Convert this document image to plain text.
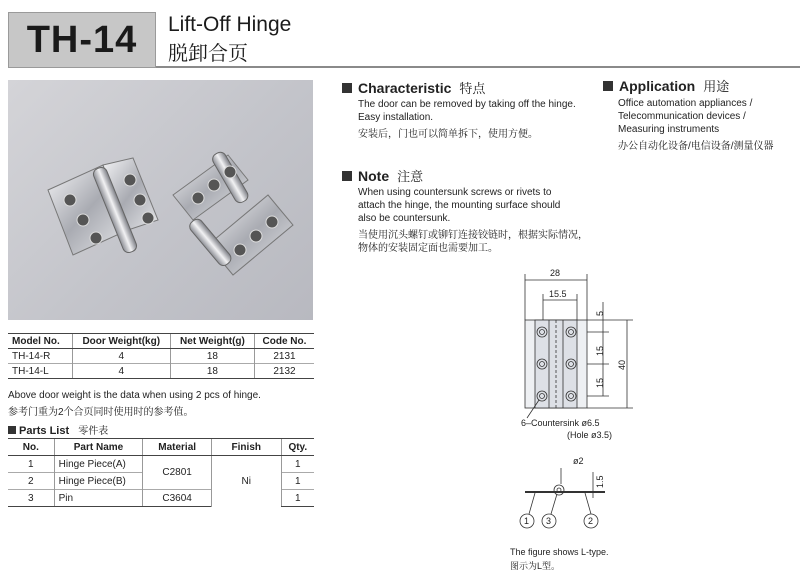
TH-14 Lift-Off Hinge
脱卸合页
Model No.	Door Weight(kg)	Net Weight(g)	Code No.
TH-14-R	4	18	2131
TH-14-L	4	18	2132
Above door weight is the data when using 2 pcs of hinge.
参考门重为2个合页同时使用时的参考值。
Parts List 零件表
No.	Part Name	Material	Finish	Qty.
1	Hinge Piece(A)	C2801	Ni	1
2	Hinge Piece(B)			1
3	Pin	C3604		1
Characteristic 特点
The door can be removed by taking off the hinge.
Easy installation.
安装后，门也可以简单拆下，使用方便。
Application 用途
Office automation appliances /
Telecommunication devices /
Measuring instruments
办公自动化设备/电信设备/测量仪器
Note 注意
When using countersunk screws or rivets to
attach the hinge, the mounting surface should
also be countersunk.
当使用沉头螺钉或铆钉连接铰链时，根据实际情况，
物体的安装固定面也需要加工。
28
15.5
5
15
15
40
6–Countersink ø6.5
(Hole ø3.5)
ø2
1.5
1 3	2
The figure shows L-type.
图示为L型。
